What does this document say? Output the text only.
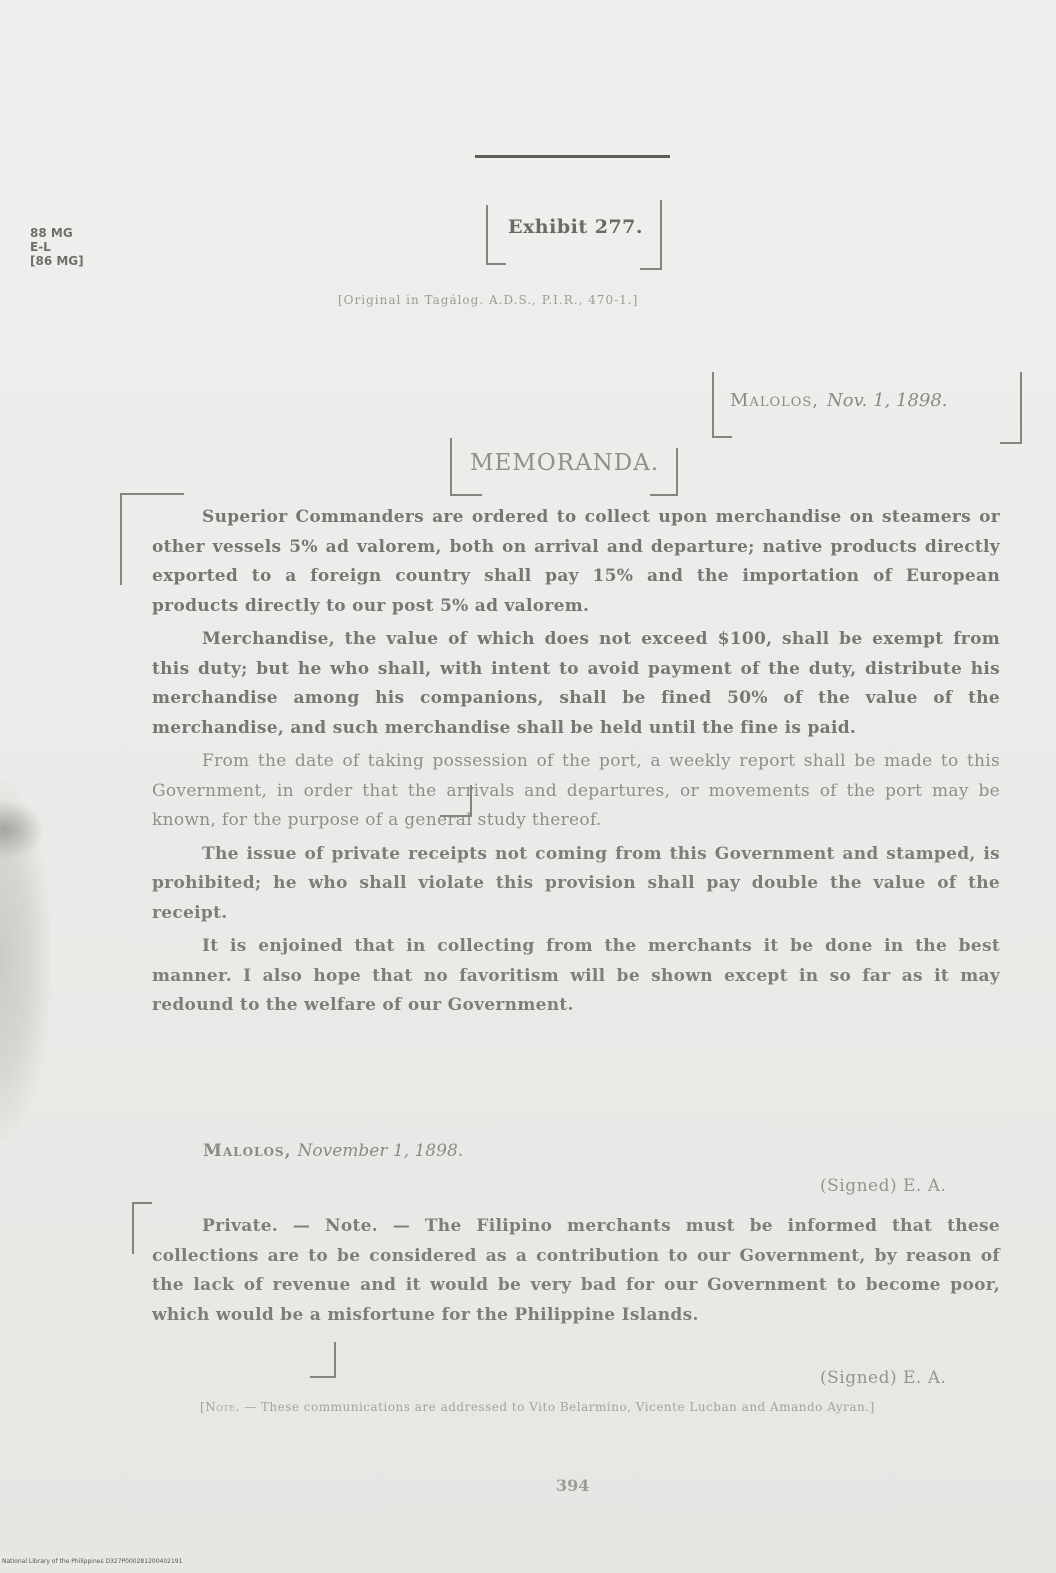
88 MG
E-L
[86 MG]
Exhibit 277.
[Original in Tagálog. A.D.S., P.I.R., 470-1.]
Malolos, Nov. 1, 1898.
MEMORANDA.

Superior Commanders are ordered to collect upon merchandise on steamers or other vessels 5% ad valorem, both on arrival and departure; native products directly exported to a foreign country shall pay 15% and the importation of European products directly to our post 5% ad valorem.

Merchandise, the value of which does not exceed $100, shall be exempt from this duty; but he who shall, with intent to avoid payment of the duty, distribute his merchandise among his companions, shall be fined 50% of the value of the merchandise, and such merchandise shall be held until the fine is paid.

From the date of taking possession of the port, a weekly report shall be made to this Government, in order that the arrivals and departures, or movements of the port may be known, for the purpose of a general study thereof.

The issue of private receipts not coming from this Government and stamped, is prohibited; he who shall violate this provision shall pay double the value of the receipt.

It is enjoined that in collecting from the merchants it be done in the best manner. I also hope that no favoritism will be shown except in so far as it may redound to the welfare of our Government.

Malolos, November 1, 1898.
(Signed) E. A.

Private. — Note. — The Filipino merchants must be informed that these collections are to be considered as a contribution to our Government, by reason of the lack of revenue and it would be very bad for our Government to become poor, which would be a misfortune for the Philippine Islands.

(Signed) E. A.
[Note. — These communications are addressed to Vito Belarmino, Vicente Lucban and Amando Ayran.]
394
National Library of the Philippines D327P000281200402191
